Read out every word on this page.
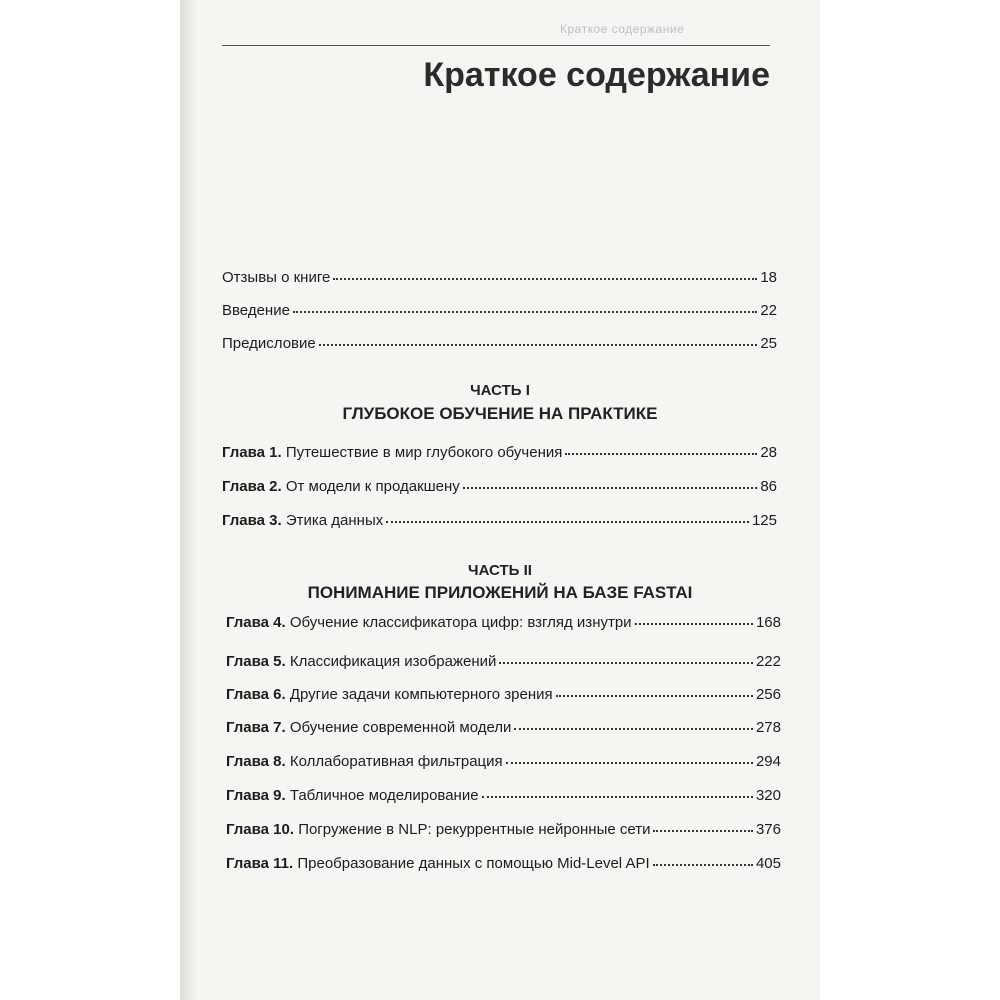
Краткое содержание
Краткое содержание
Отзывы о книге	18
Введение	22
Предисловие	25
ЧАСТЬ I
ГЛУБОКОЕ ОБУЧЕНИЕ НА ПРАКТИКЕ
Глава 1. Путешествие в мир глубокого обучения	28
Глава 2. От модели к продакшену	86
Глава 3. Этика данных	125
ЧАСТЬ II
ПОНИМАНИЕ ПРИЛОЖЕНИЙ НА БАЗЕ FASTAI
Глава 4. Обучение классификатора цифр: взгляд изнутри	168
Глава 5. Классификация изображений	222
Глава 6. Другие задачи компьютерного зрения	256
Глава 7. Обучение современной модели	278
Глава 8. Коллаборативная фильтрация	294
Глава 9. Табличное моделирование	320
Глава 10. Погружение в NLP: рекуррентные нейронные сети	376
Глава 11. Преобразование данных с помощью Mid-Level API	405
